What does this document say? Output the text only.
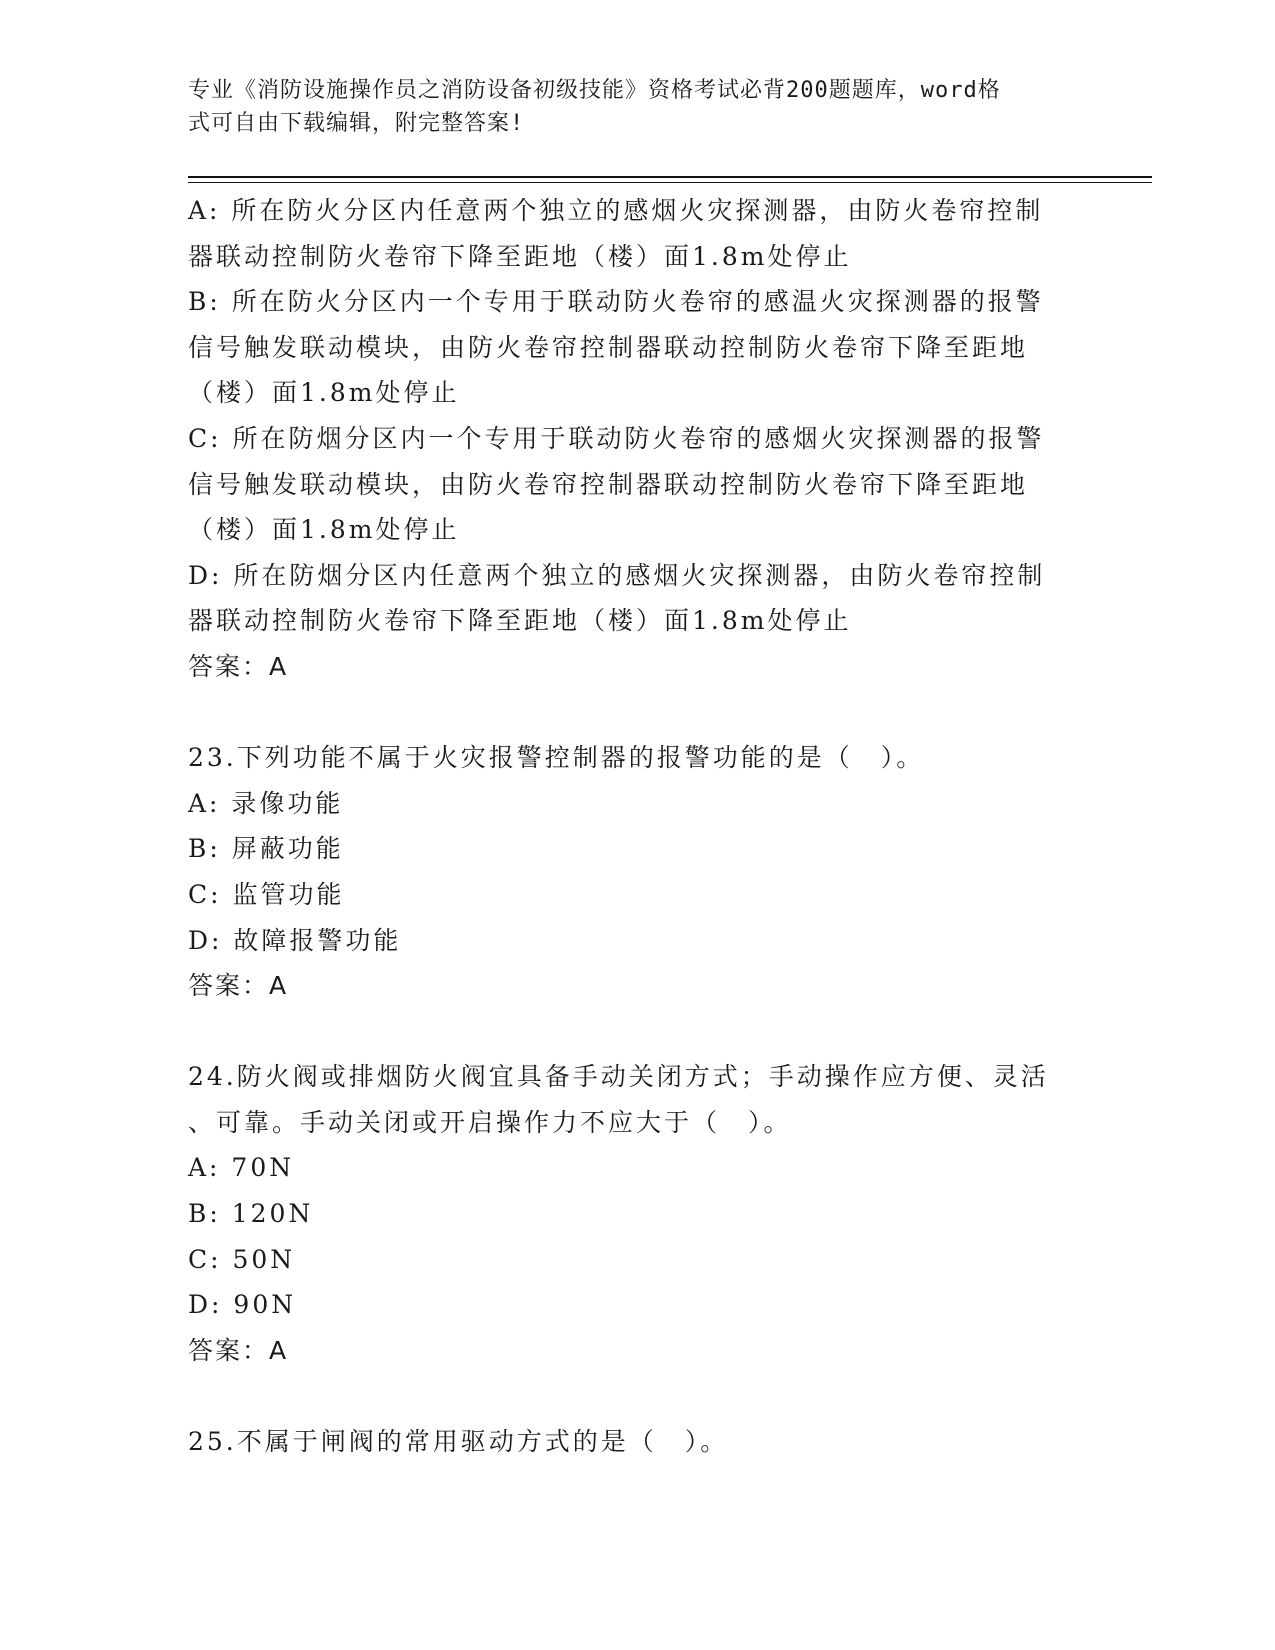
专业《消防设施操作员之消防设备初级技能》资格考试必背200题题库，word格
式可自由下载编辑，附完整答案!

A: 所在防火分区内任意两个独立的感烟火灾探测器，由防火卷帘控制

器联动控制防火卷帘下降至距地（楼）面1.8m处停止

B: 所在防火分区内一个专用于联动防火卷帘的感温火灾探测器的报警

信号触发联动模块，由防火卷帘控制器联动控制防火卷帘下降至距地

（楼）面1.8m处停止

C: 所在防烟分区内一个专用于联动防火卷帘的感烟火灾探测器的报警

信号触发联动模块，由防火卷帘控制器联动控制防火卷帘下降至距地

（楼）面1.8m处停止

D: 所在防烟分区内任意两个独立的感烟火灾探测器，由防火卷帘控制

器联动控制防火卷帘下降至距地（楼）面1.8m处停止

答案：A

23.下列功能不属于火灾报警控制器的报警功能的是（　）。

A: 录像功能

B: 屏蔽功能

C: 监管功能

D: 故障报警功能

答案：A

24.防火阀或排烟防火阀宜具备手动关闭方式；手动操作应方便、灵活

、可靠。手动关闭或开启操作力不应大于（　）。

A: 70N

B: 120N

C: 50N

D: 90N

答案：A

25.不属于闸阀的常用驱动方式的是（　）。
